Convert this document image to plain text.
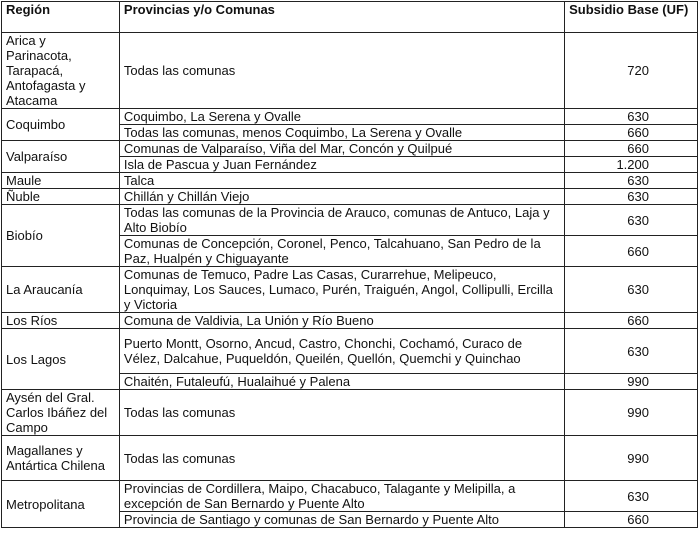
Región	Provincias y/o Comunas	Subsidio Base (UF)
Arica y Parinacota, Tarapacá, Antofagasta y Atacama	Todas las comunas	720
Coquimbo	Coquimbo, La Serena y Ovalle	630
	Todas las comunas, menos Coquimbo, La Serena y Ovalle	660
Valparaíso	Comunas de Valparaíso, Viña del Mar, Concón y Quilpué	660
	Isla de Pascua y Juan Fernández	1.200
Maule	Talca	630
Ñuble	Chillán y Chillán Viejo	630
Biobío	Todas las comunas de la Provincia de Arauco, comunas de Antuco, Laja y Alto Biobío	630
	Comunas de Concepción, Coronel, Penco, Talcahuano, San Pedro de la Paz, Hualpén y Chiguayante	660
La Araucanía	Comunas de Temuco, Padre Las Casas, Curarrehue, Melipeuco, Lonquimay, Los Sauces, Lumaco, Purén, Traiguén, Angol, Collipulli, Ercilla y Victoria	630
Los Ríos	Comuna de Valdivia, La Unión y Río Bueno	660
Los Lagos	Puerto Montt, Osorno, Ancud, Castro, Chonchi, Cochamó, Curaco de Vélez, Dalcahue, Puqueldón, Queilén, Quellón, Quemchi y Quinchao	630
	Chaitén, Futaleufú, Hualaihué y Palena	990
Aysén del Gral. Carlos Ibáñez del Campo	Todas las comunas	990
Magallanes y Antártica Chilena	Todas las comunas	990
Metropolitana	Provincias de Cordillera, Maipo, Chacabuco, Talagante y Melipilla, a excepción de San Bernardo y Puente Alto	630
	Provincia de Santiago y comunas de San Bernardo y Puente Alto	660
